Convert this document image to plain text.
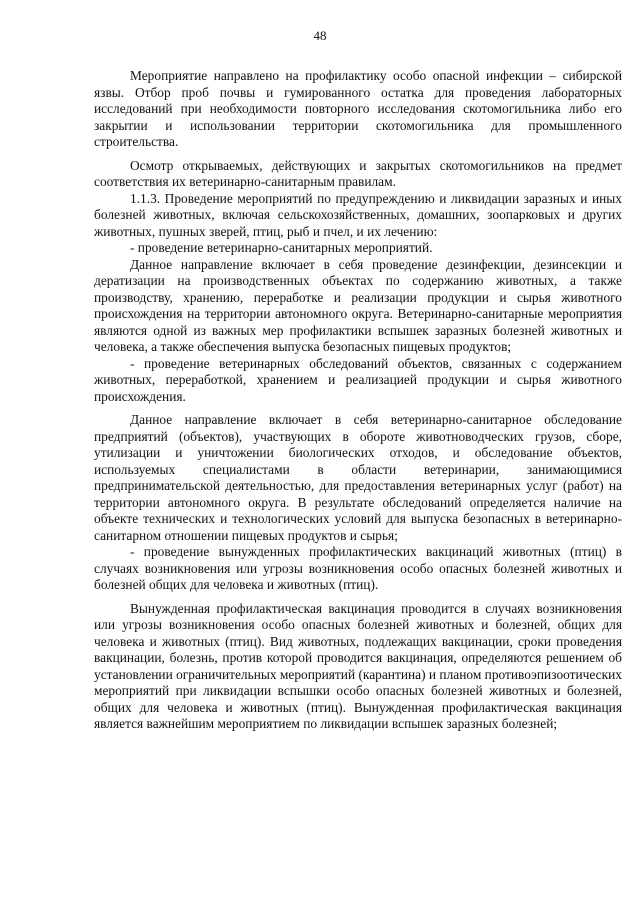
48

Мероприятие направлено на профилактику особо опасной инфекции – сибирской язвы. Отбор проб почвы и гумированного остатка для проведения лабораторных исследований при необходимости повторного исследования скотомогильника либо его закрытии и использовании территории скотомогильника для промышленного строительства.

Осмотр открываемых, действующих и закрытых скотомогильников на предмет соответствия их ветеринарно-санитарным правилам.

1.1.3. Проведение мероприятий по предупреждению и ликвидации заразных и иных болезней животных, включая сельскохозяйственных, домашних, зоопарковых и других животных, пушных зверей, птиц, рыб и пчел, и их лечению:

- проведение ветеринарно-санитарных мероприятий.

Данное направление включает в себя проведение дезинфекции, дезинсекции и дератизации на производственных объектах по содержанию животных, а также производству, хранению, переработке и реализации продукции и сырья животного происхождения на территории автономного округа. Ветеринарно-санитарные мероприятия являются одной из важных мер профилактики вспышек заразных болезней животных и человека, а также обеспечения выпуска безопасных пищевых продуктов;

- проведение ветеринарных обследований объектов, связанных с содержанием животных, переработкой, хранением и реализацией продукции и сырья животного происхождения.

Данное направление включает в себя ветеринарно-санитарное обследование предприятий (объектов), участвующих в обороте животноводческих грузов, сборе, утилизации и уничтожении биологических отходов, и обследование объектов, используемых специалистами в области ветеринарии, занимающимися предпринимательской деятельностью, для предоставления ветеринарных услуг (работ) на территории автономного округа. В результате обследований определяется наличие на объекте технических и технологических условий для выпуска безопасных в ветеринарно-санитарном отношении пищевых продуктов и сырья;

- проведение вынужденных профилактических вакцинаций животных (птиц) в случаях возникновения или угрозы возникновения особо опасных болезней животных и болезней общих для человека и животных (птиц).

Вынужденная профилактическая вакцинация проводится в случаях возникновения или угрозы возникновения особо опасных болезней животных и болезней, общих для человека и животных (птиц). Вид животных, подлежащих вакцинации, сроки проведения вакцинации, болезнь, против которой проводится вакцинация, определяются решением об установлении ограничительных мероприятий (карантина) и планом противоэпизоотических мероприятий при ликвидации вспышки особо опасных болезней животных и болезней, общих для человека и животных (птиц). Вынужденная профилактическая вакцинация является важнейшим мероприятием по ликвидации вспышек заразных болезней;
